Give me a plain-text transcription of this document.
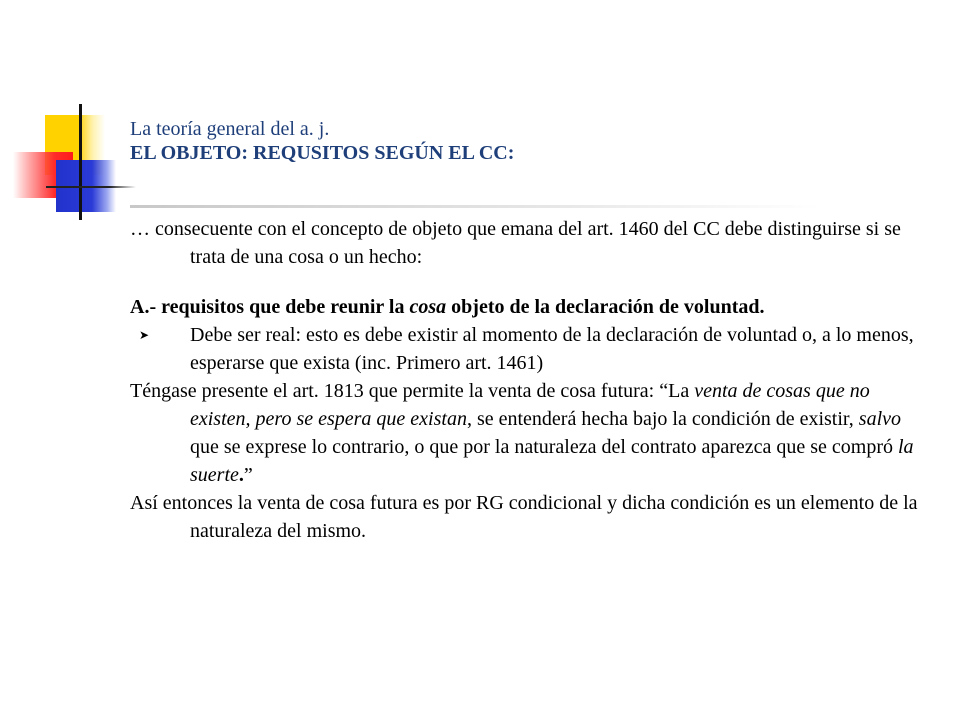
La teoría general del a. j.
EL OBJETO: REQUSITOS SEGÚN EL CC:

… consecuente con el concepto de objeto que emana del art. 1460 del CC debe distinguirse si se trata de una cosa o un hecho:

A.- requisitos que debe reunir la cosa objeto de la declaración de voluntad.

➤ Debe ser real: esto es debe existir al momento de la declaración de voluntad o, a lo menos, esperarse que exista (inc. Primero art. 1461)

Téngase presente el art. 1813 que permite la venta de cosa futura: “La venta de cosas que no existen, pero se espera que existan, se entenderá hecha bajo la condición de existir, salvo que se exprese lo contrario, o que por la naturaleza del contrato aparezca que se compró la suerte.”

Así entonces la venta de cosa futura es por RG condicional y dicha condición es un elemento de la naturaleza del mismo.
